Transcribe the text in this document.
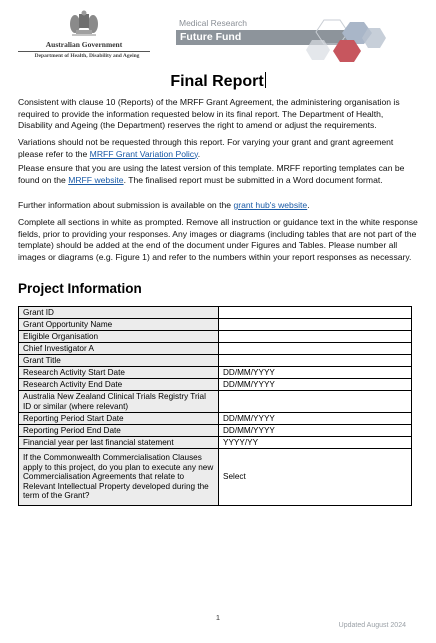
Australian Government
Department of Health, Disability and Ageing
Medical Research
Future Fund
Final Report

Consistent with clause 10 (Reports) of the MRFF Grant Agreement, the administering organisation is required to provide the information requested below in its final report. The Department of Health, Disability and Ageing (the Department) reserves the right to amend or adjust the requirements.

Variations should not be requested through this report. For varying your grant and grant agreement please refer to the MRFF Grant Variation Policy.

Please ensure that you are using the latest version of this template. MRFF reporting templates can be found on the MRFF website. The finalised report must be submitted in a Word document format.

Further information about submission is available on the grant hub's website.

Complete all sections in white as prompted. Remove all instruction or guidance text in the white response fields, prior to providing your responses. Any images or diagrams (including tables that are not part of the template) should be added at the end of the document under Figures and Tables. Please number all images or diagrams (e.g. Figure 1) and refer to the numbers within your report responses as necessary.

Project Information
Grant ID	
Grant Opportunity Name	
Eligible Organisation	
Chief Investigator A	
Grant Title	
Research Activity Start Date	DD/MM/YYYY
Research Activity End Date	DD/MM/YYYY
Australia New Zealand Clinical Trials Registry Trial ID or similar (where relevant)	
Reporting Period Start Date	DD/MM/YYYY
Reporting Period End Date	DD/MM/YYYY
Financial year per last financial statement	YYYY/YY
If the Commonwealth Commercialisation Clauses apply to this project, do you plan to execute any new Commercialisation Agreements that relate to Relevant Intellectual Property developed during the term of the Grant?	Select
1
Updated August 2024
